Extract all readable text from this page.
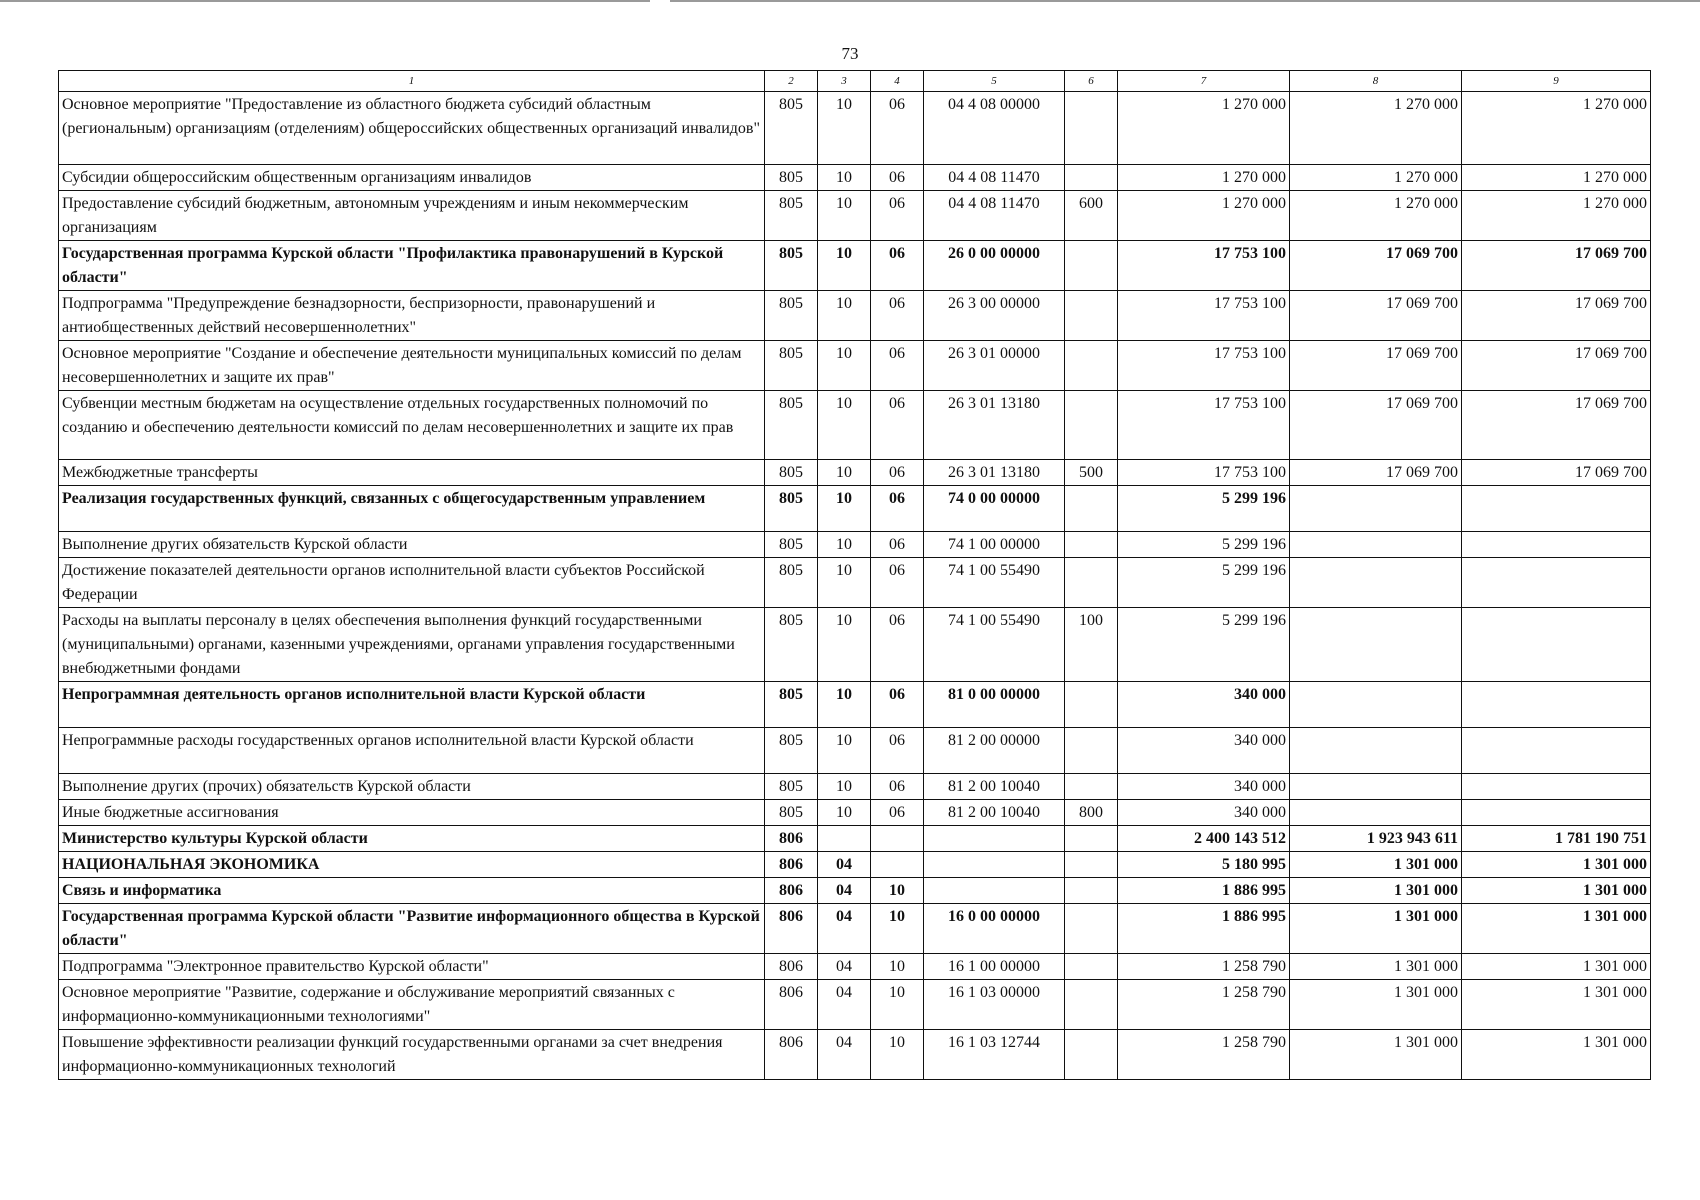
73
1	2	3	4	5	6	7	8	9
Основное мероприятие "Предоставление из областного бюджета субсидий областным (региональным) организациям (отделениям) общероссийских общественных организаций инвалидов"	805	10	06	04 4 08 00000		1 270 000	1 270 000	1 270 000
Субсидии общероссийским общественным организациям инвалидов	805	10	06	04 4 08 11470		1 270 000	1 270 000	1 270 000
Предоставление субсидий бюджетным, автономным учреждениям и иным некоммерческим организациям	805	10	06	04 4 08 11470	600	1 270 000	1 270 000	1 270 000
Государственная программа Курской области "Профилактика правонарушений в Курской области"	805	10	06	26 0 00 00000		17 753 100	17 069 700	17 069 700
Подпрограмма "Предупреждение безнадзорности, беспризорности, правонарушений и антиобщественных действий несовершеннолетних"	805	10	06	26 3 00 00000		17 753 100	17 069 700	17 069 700
Основное мероприятие "Создание и обеспечение деятельности муниципальных комиссий по делам несовершеннолетних и защите их прав"	805	10	06	26 3 01 00000		17 753 100	17 069 700	17 069 700
Субвенции местным бюджетам на осуществление отдельных государственных полномочий по созданию и обеспечению деятельности комиссий по делам несовершеннолетних и защите их прав	805	10	06	26 3 01 13180		17 753 100	17 069 700	17 069 700
Межбюджетные трансферты	805	10	06	26 3 01 13180	500	17 753 100	17 069 700	17 069 700
Реализация государственных функций, связанных с общегосударственным управлением	805	10	06	74 0 00 00000		5 299 196		
Выполнение других обязательств Курской области	805	10	06	74 1 00 00000		5 299 196		
Достижение показателей деятельности органов исполнительной власти субъектов Российской Федерации	805	10	06	74 1 00 55490		5 299 196		
Расходы на выплаты персоналу в целях обеспечения выполнения функций государственными (муниципальными) органами, казенными учреждениями, органами управления государственными внебюджетными фондами	805	10	06	74 1 00 55490	100	5 299 196		
Непрограммная деятельность органов исполнительной власти Курской области	805	10	06	81 0 00 00000		340 000		
Непрограммные расходы государственных органов исполнительной власти Курской области	805	10	06	81 2 00 00000		340 000		
Выполнение других (прочих) обязательств Курской области	805	10	06	81 2 00 10040		340 000		
Иные бюджетные ассигнования	805	10	06	81 2 00 10040	800	340 000		
Министерство культуры Курской области	806					2 400 143 512	1 923 943 611	1 781 190 751
НАЦИОНАЛЬНАЯ ЭКОНОМИКА	806	04				5 180 995	1 301 000	1 301 000
Связь и информатика	806	04	10			1 886 995	1 301 000	1 301 000
Государственная программа Курской области "Развитие информационного общества в Курской области"	806	04	10	16 0 00 00000		1 886 995	1 301 000	1 301 000
Подпрограмма "Электронное правительство Курской области"	806	04	10	16 1 00 00000		1 258 790	1 301 000	1 301 000
Основное мероприятие "Развитие, содержание и обслуживание мероприятий связанных с информационно-коммуникационными технологиями"	806	04	10	16 1 03 00000		1 258 790	1 301 000	1 301 000
Повышение эффективности реализации функций государственными органами за счет внедрения информационно-коммуникационных технологий	806	04	10	16 1 03 12744		1 258 790	1 301 000	1 301 000
